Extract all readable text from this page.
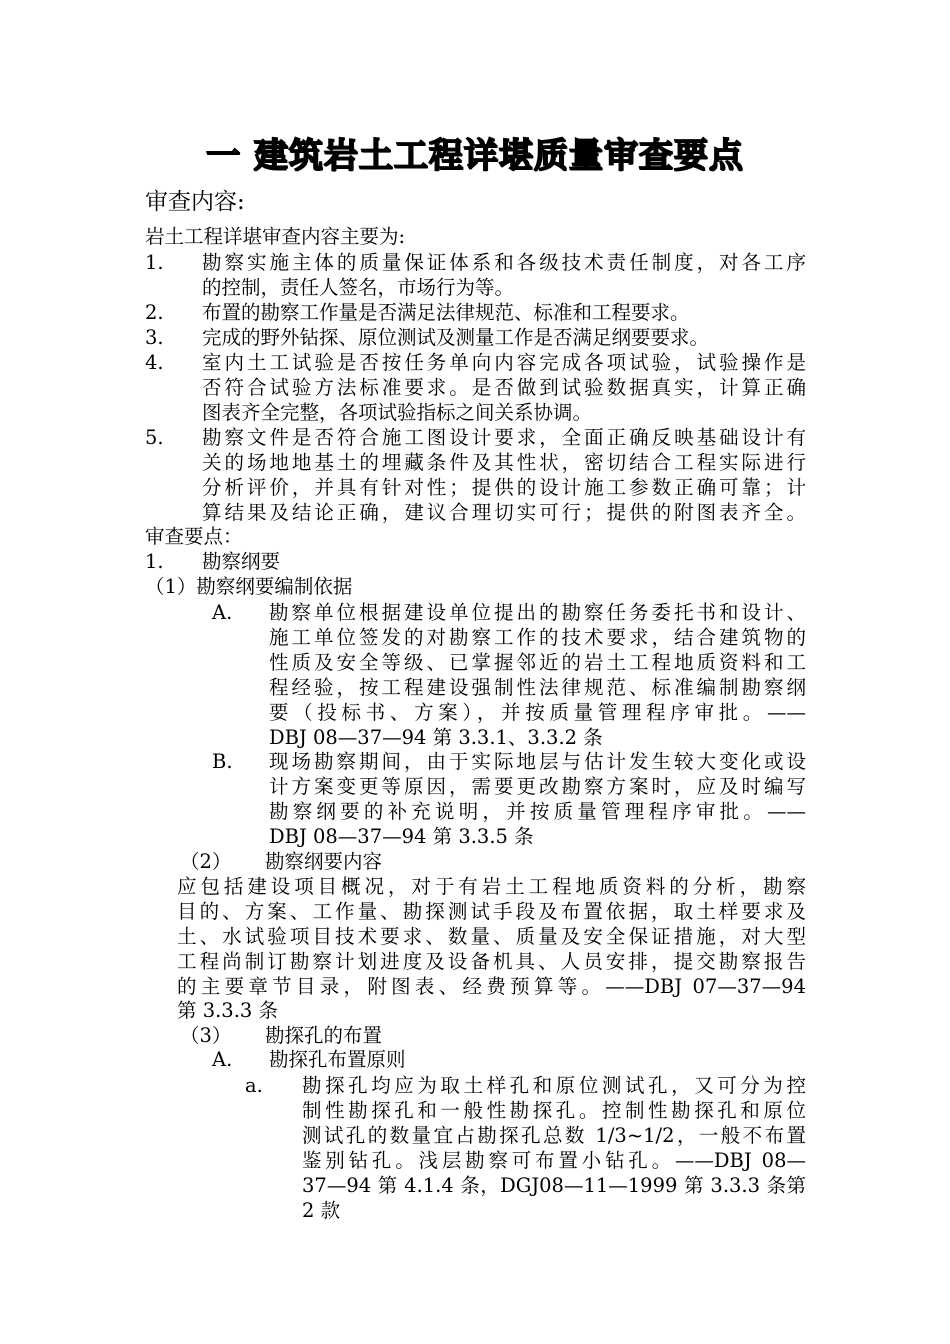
一 建筑岩土工程详堪质量审查要点
审查内容:
岩土工程详堪审查内容主要为:
1. 勘察实施主体的质量保证体系和各级技术责任制度，对各工序
的控制，责任人签名，市场行为等。
2. 布置的勘察工作量是否满足法律规范、标准和工程要求。
3. 完成的野外钻探、原位测试及测量工作是否满足纲要要求。
4. 室内土工试验是否按任务单向内容完成各项试验，试验操作是
否符合试验方法标准要求。是否做到试验数据真实，计算正确
图表齐全完整，各项试验指标之间关系协调。
5. 勘察文件是否符合施工图设计要求，全面正确反映基础设计有
关的场地地基土的埋藏条件及其性状，密切结合工程实际进行
分析评价，并具有针对性；提供的设计施工参数正确可靠；计
算结果及结论正确，建议合理切实可行；提供的附图表齐全。
审查要点：
1. 勘察纲要
（1）勘察纲要编制依据
A. 勘察单位根据建设单位提出的勘察任务委托书和设计、
施工单位签发的对勘察工作的技术要求，结合建筑物的
性质及安全等级、已掌握邻近的岩土工程地质资料和工
程经验，按工程建设强制性法律规范、标准编制勘察纲
要（投标书、方案），并按质量管理程序审批。——
DBJ 08—37—94 第 3.3.1、3.3.2 条
B. 现场勘察期间，由于实际地层与估计发生较大变化或设
计方案变更等原因，需要更改勘察方案时，应及时编写
勘察纲要的补充说明，并按质量管理程序审批。——
DBJ 08—37—94 第 3.3.5 条
（2） 勘察纲要内容
应包括建设项目概况，对于有岩土工程地质资料的分析，勘察
目的、方案、工作量、勘探测试手段及布置依据，取土样要求及
土、水试验项目技术要求、数量、质量及安全保证措施，对大型
工程尚制订勘察计划进度及设备机具、人员安排，提交勘察报告
的主要章节目录，附图表、经费预算等。——DBJ 07—37—94
第 3.3.3 条
（3） 勘探孔的布置
A. 勘探孔布置原则
a. 勘探孔均应为取土样孔和原位测试孔，又可分为控
制性勘探孔和一般性勘探孔。控制性勘探孔和原位
测试孔的数量宜占勘探孔总数 1/3~1/2，一般不布置
鉴别钻孔。浅层勘察可布置小钻孔。——DBJ 08—
37—94 第 4.1.4 条，DGJ08—11—1999 第 3.3.3 条第
2 款
